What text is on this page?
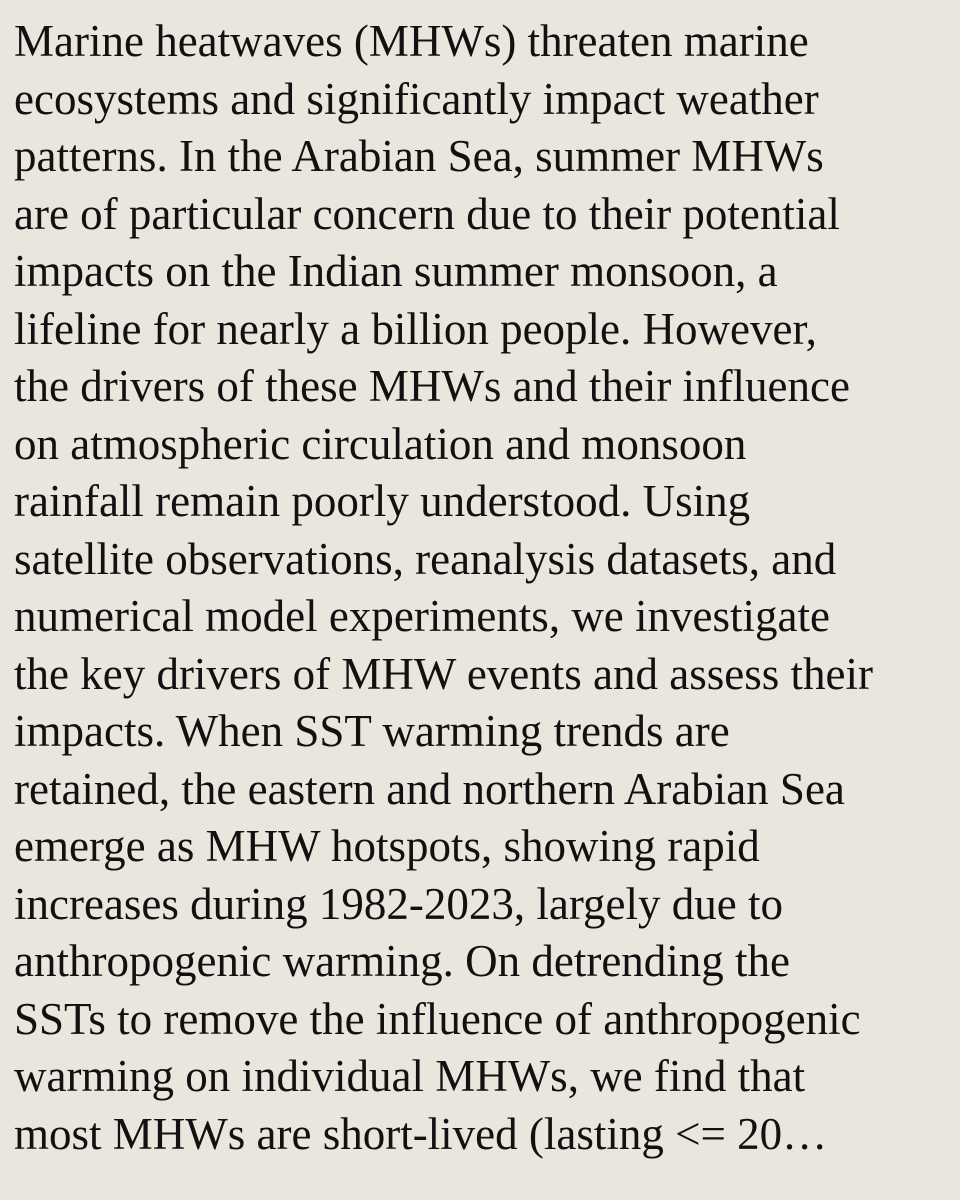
Marine heatwaves (MHWs) threaten marine
ecosystems and significantly impact weather
patterns. In the Arabian Sea, summer MHWs
are of particular concern due to their potential
impacts on the Indian summer monsoon, a
lifeline for nearly a billion people. However,
the drivers of these MHWs and their influence
on atmospheric circulation and monsoon
rainfall remain poorly understood. Using
satellite observations, reanalysis datasets, and
numerical model experiments, we investigate
the key drivers of MHW events and assess their
impacts. When SST warming trends are
retained, the eastern and northern Arabian Sea
emerge as MHW hotspots, showing rapid
increases during 1982-2023, largely due to
anthropogenic warming. On detrending the
SSTs to remove the influence of anthropogenic
warming on individual MHWs, we find that
most MHWs are short-lived (lasting <= 20…
